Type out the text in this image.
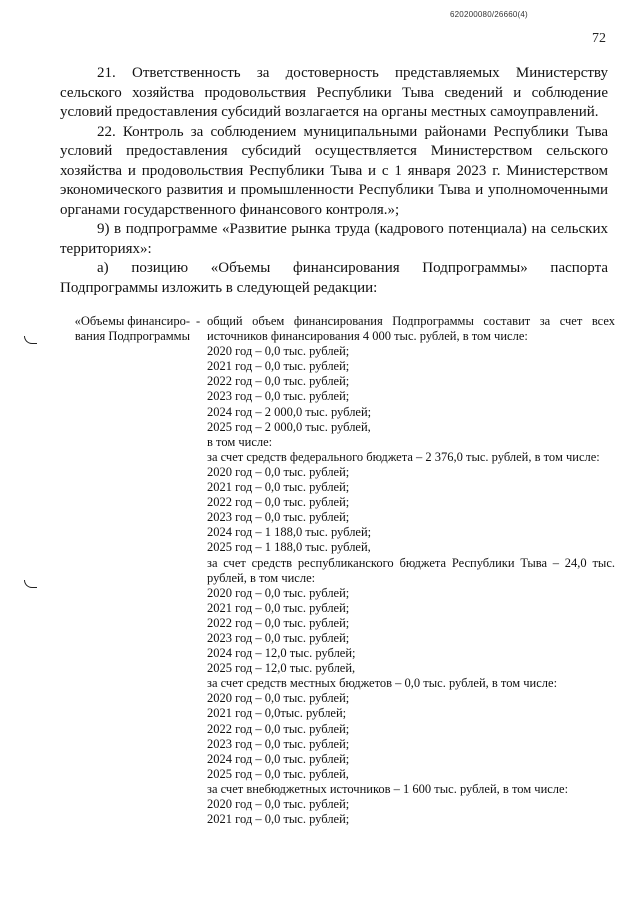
620200080/26660(4)
72

21. Ответственность за достоверность представляемых Министерству сельского хозяйства продовольствия Республики Тыва сведений и соблюдение условий предоставления субсидий возлагается на органы местных самоуправлений.

22. Контроль за соблюдением муниципальными районами Республики Тыва условий предоставления субсидий осуществляется Министерством сельского хозяйства и продовольствия Республики Тыва и с 1 января 2023 г. Министерством экономического развития и промышленности Республики Тыва и уполномоченными органами государственного финансового контроля.»;

9) в подпрограмме «Развитие рынка труда (кадрового потенциала) на сельских территориях»:

а) позицию «Объемы финансирования Подпрограммы» паспорта Подпрограммы изложить в следующей редакции:

«Объемы финансиро-вания Подпрограммы
- общий объем финансирования Подпрограммы составит за счет всех источников финансирования 4 000 тыс. рублей, в том числе:
2020 год – 0,0 тыс. рублей;
2021 год – 0,0 тыс. рублей;
2022 год – 0,0 тыс. рублей;
2023 год – 0,0 тыс. рублей;
2024 год – 2 000,0 тыс. рублей;
2025 год – 2 000,0 тыс. рублей,
в том числе:
за счет средств федерального бюджета – 2 376,0 тыс. рублей, в том числе:
2020 год – 0,0 тыс. рублей;
2021 год – 0,0 тыс. рублей;
2022 год – 0,0 тыс. рублей;
2023 год – 0,0 тыс. рублей;
2024 год – 1 188,0 тыс. рублей;
2025 год – 1 188,0 тыс. рублей,
за счет средств республиканского бюджета Республики Тыва – 24,0 тыс. рублей, в том числе:
2020 год – 0,0 тыс. рублей;
2021 год – 0,0 тыс. рублей;
2022 год – 0,0 тыс. рублей;
2023 год – 0,0 тыс. рублей;
2024 год – 12,0 тыс. рублей;
2025 год – 12,0 тыс. рублей,
за счет средств местных бюджетов – 0,0 тыс. рублей, в том числе:
2020 год – 0,0 тыс. рублей;
2021 год – 0,0тыс. рублей;
2022 год – 0,0 тыс. рублей;
2023 год – 0,0 тыс. рублей;
2024 год – 0,0 тыс. рублей;
2025 год – 0,0 тыс. рублей,
за счет внебюджетных источников – 1 600 тыс. рублей, в том числе:
2020 год – 0,0 тыс. рублей;
2021 год – 0,0 тыс. рублей;
